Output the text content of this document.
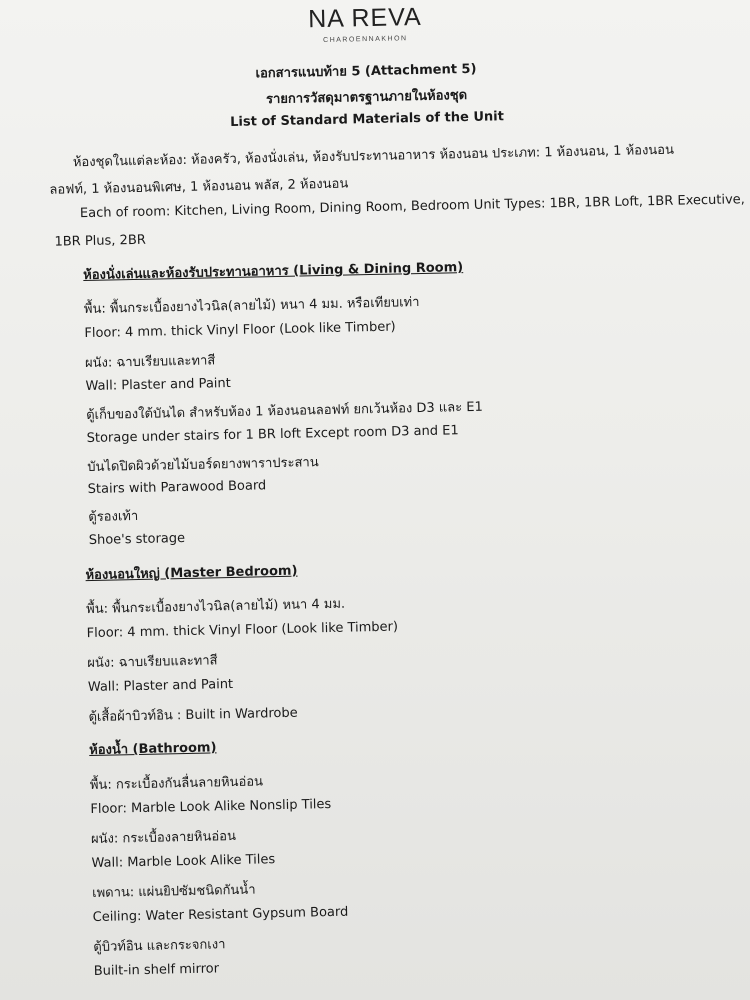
NA REVA
CHAROENNAKHON
เอกสารแนบท้าย 5 (Attachment 5)
รายการวัสดุมาตรฐานภายในห้องชุด
List of Standard Materials of the Unit
ห้องชุดในแต่ละห้อง: ห้องครัว, ห้องนั่งเล่น, ห้องรับประทานอาหาร ห้องนอน ประเภท: 1 ห้องนอน, 1 ห้องนอน
ลอฟท์, 1 ห้องนอนพิเศษ, 1 ห้องนอน พลัส, 2 ห้องนอน
Each of room: Kitchen, Living Room, Dining Room, Bedroom Unit Types: 1BR, 1BR Loft, 1BR Executive,
1BR Plus, 2BR
ห้องนั่งเล่นและห้องรับประทานอาหาร (Living & Dining Room)
พื้น: พื้นกระเบื้องยางไวนิล(ลายไม้) หนา 4 มม. หรือเทียบเท่า
Floor: 4 mm. thick Vinyl Floor (Look like Timber)
ผนัง: ฉาบเรียบและทาสี
Wall: Plaster and Paint
ตู้เก็บของใต้บันได สำหรับห้อง 1 ห้องนอนลอฟท์ ยกเว้นห้อง D3 และ E1
Storage under stairs for 1 BR loft Except room D3 and E1
บันไดปิดผิวด้วยไม้บอร์ดยางพาราประสาน
Stairs with Parawood Board
ตู้รองเท้า
Shoe's storage
ห้องนอนใหญ่ (Master Bedroom)
พื้น: พื้นกระเบื้องยางไวนิล(ลายไม้) หนา 4 มม.
Floor: 4 mm. thick Vinyl Floor (Look like Timber)
ผนัง: ฉาบเรียบและทาสี
Wall: Plaster and Paint
ตู้เสื้อผ้าบิวท์อิน : Built in Wardrobe
ห้องน้ำ (Bathroom)
พื้น: กระเบื้องกันลื่นลายหินอ่อน
Floor: Marble Look Alike Nonslip Tiles
ผนัง: กระเบื้องลายหินอ่อน
Wall: Marble Look Alike Tiles
เพดาน: แผ่นยิปซัมชนิดกันน้ำ
Ceiling: Water Resistant Gypsum Board
ตู้บิวท์อิน และกระจกเงา
Built-in shelf mirror
